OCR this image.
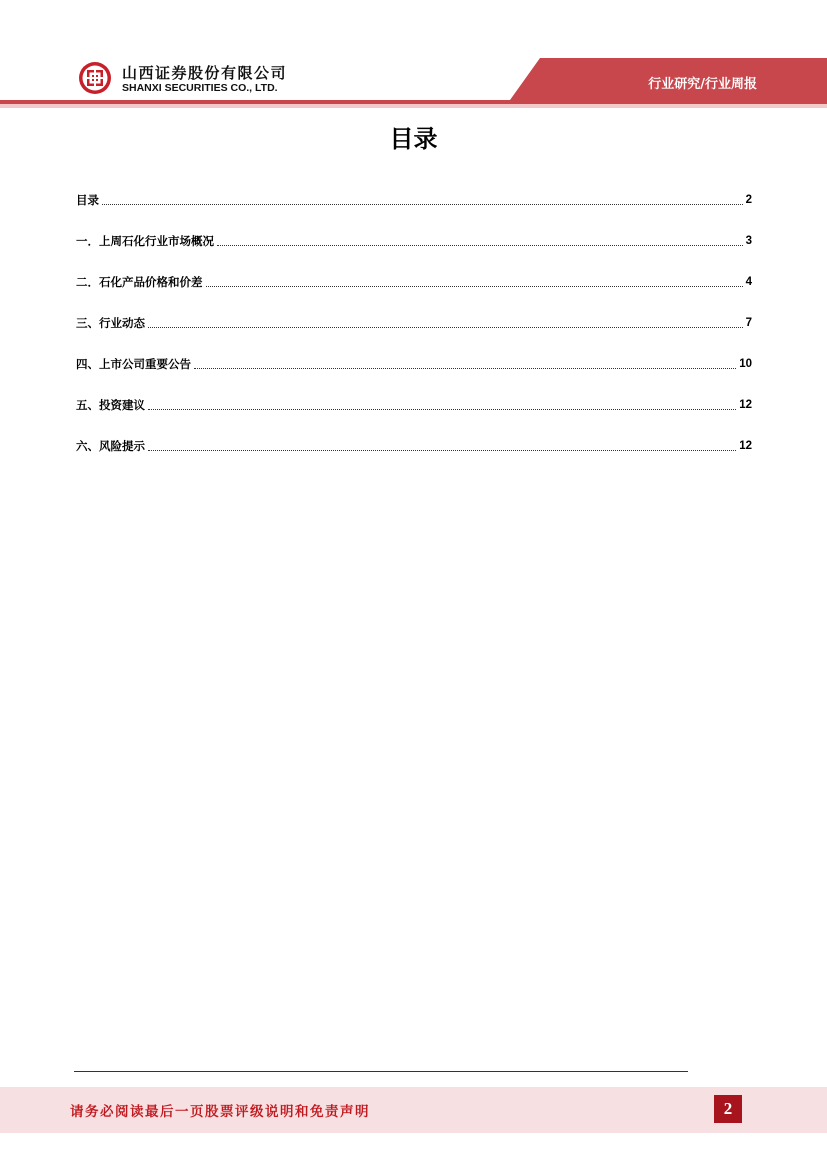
山西证券股份有限公司
SHANXI SECURITIES CO., LTD.	行业研究/行业周报
目录
目录	2
一．上周石化行业市场概况	3
二．石化产品价格和价差	4
三、行业动态	7
四、上市公司重要公告	10
五、投资建议	12
六、风险提示	12
请务必阅读最后一页股票评级说明和免责声明	2
